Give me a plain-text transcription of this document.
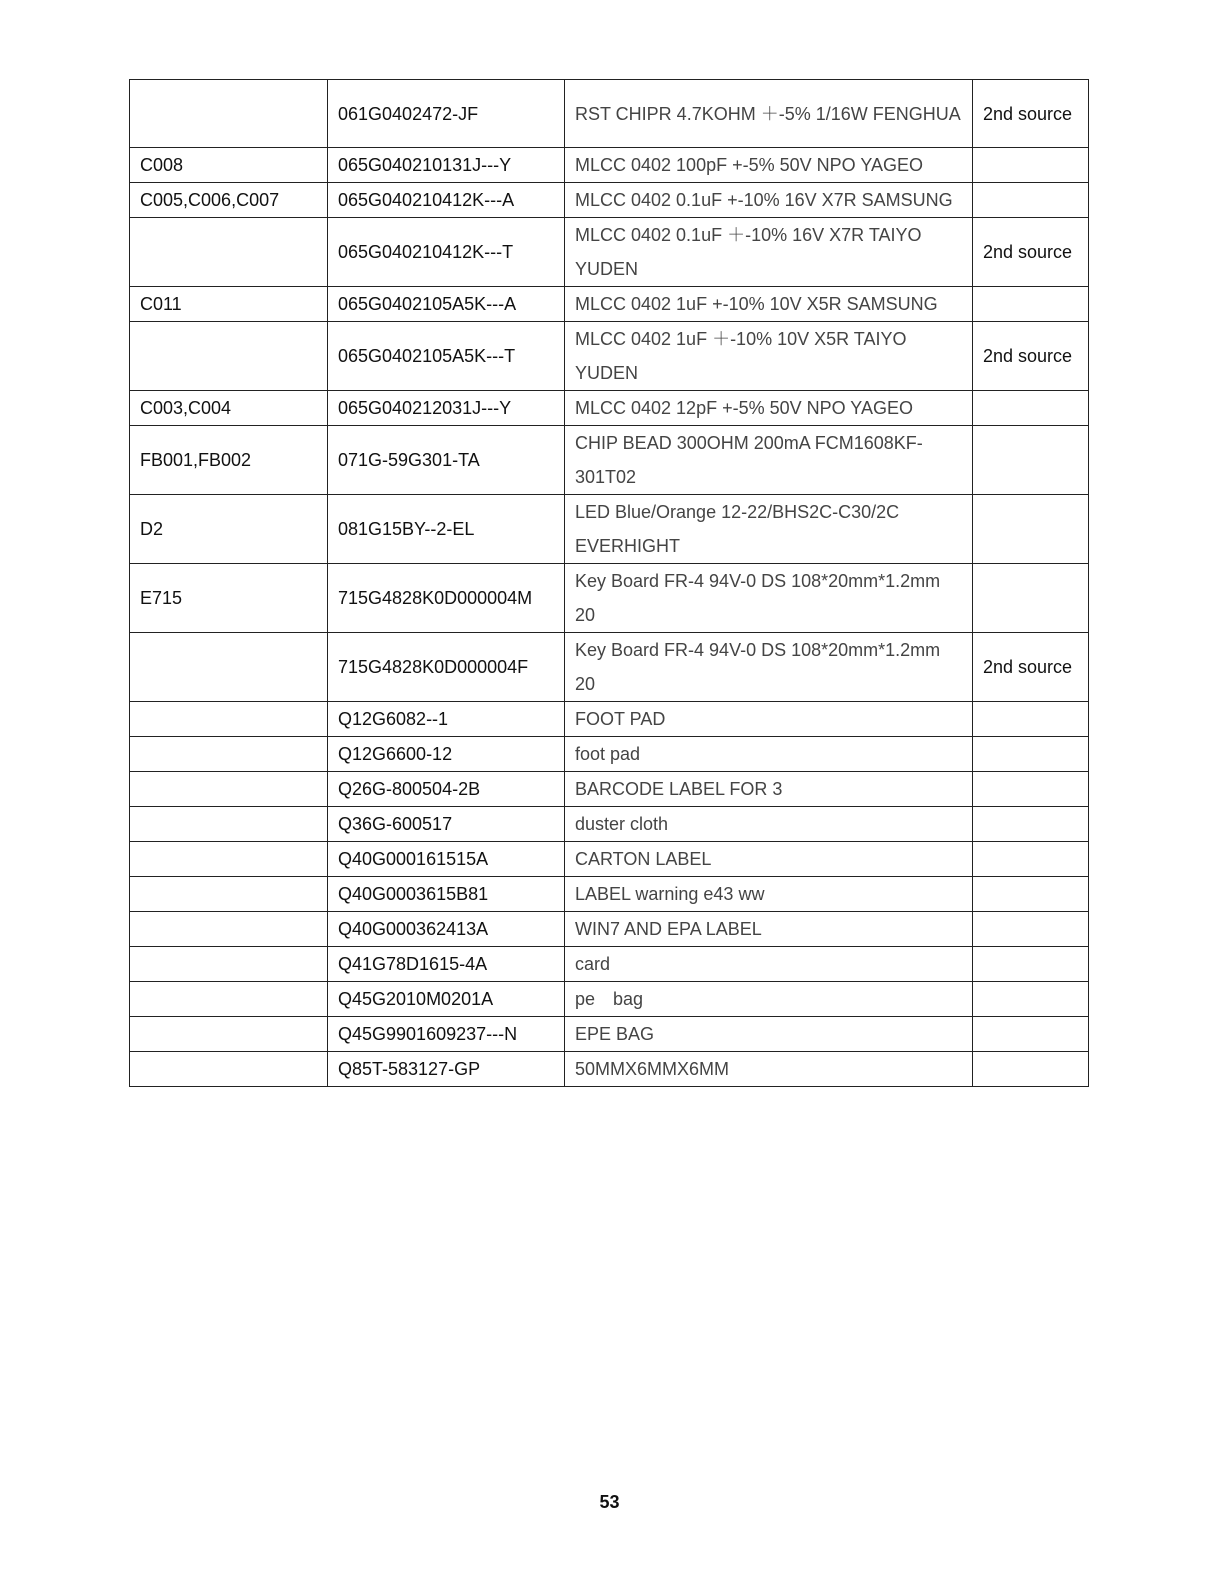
	061G0402472-JF	RST CHIPR 4.7KOHM ＋-5% 1/16W FENGHUA	2nd source
C008	065G040210131J---Y	MLCC 0402 100pF +-5% 50V NPO YAGEO	
C005,C006,C007	065G040210412K---A	MLCC 0402 0.1uF +-10% 16V X7R SAMSUNG	
	065G040210412K---T	MLCC 0402 0.1uF ＋-10% 16V X7R TAIYO YUDEN	2nd source
C011	065G0402105A5K---A	MLCC 0402 1uF +-10% 10V X5R SAMSUNG	
	065G0402105A5K---T	MLCC 0402 1uF ＋-10% 10V X5R TAIYO YUDEN	2nd source
C003,C004	065G040212031J---Y	MLCC 0402 12pF +-5% 50V NPO YAGEO	
FB001,FB002	071G-59G301-TA	CHIP BEAD 300OHM 200mA FCM1608KF-301T02	
D2	081G15BY--2-EL	LED Blue/Orange 12-22/BHS2C-C30/2C EVERHIGHT	
E715	715G4828K0D000004M	Key Board FR-4 94V-0 DS 108*20mm*1.2mm 20	
	715G4828K0D000004F	Key Board FR-4 94V-0 DS 108*20mm*1.2mm 20	2nd source
	Q12G6082--1	FOOT PAD	
	Q12G6600-12	foot pad	
	Q26G-800504-2B	BARCODE LABEL FOR 3	
	Q36G-600517	duster cloth	
	Q40G000161515A	CARTON LABEL	
	Q40G0003615B81	LABEL warning e43 ww	
	Q40G000362413A	WIN7 AND EPA LABEL	
	Q41G78D1615-4A	card	
	Q45G2010M0201A	pe　bag	
	Q45G9901609237---N	EPE BAG	
	Q85T-583127-GP	50MMX6MMX6MM	
53
